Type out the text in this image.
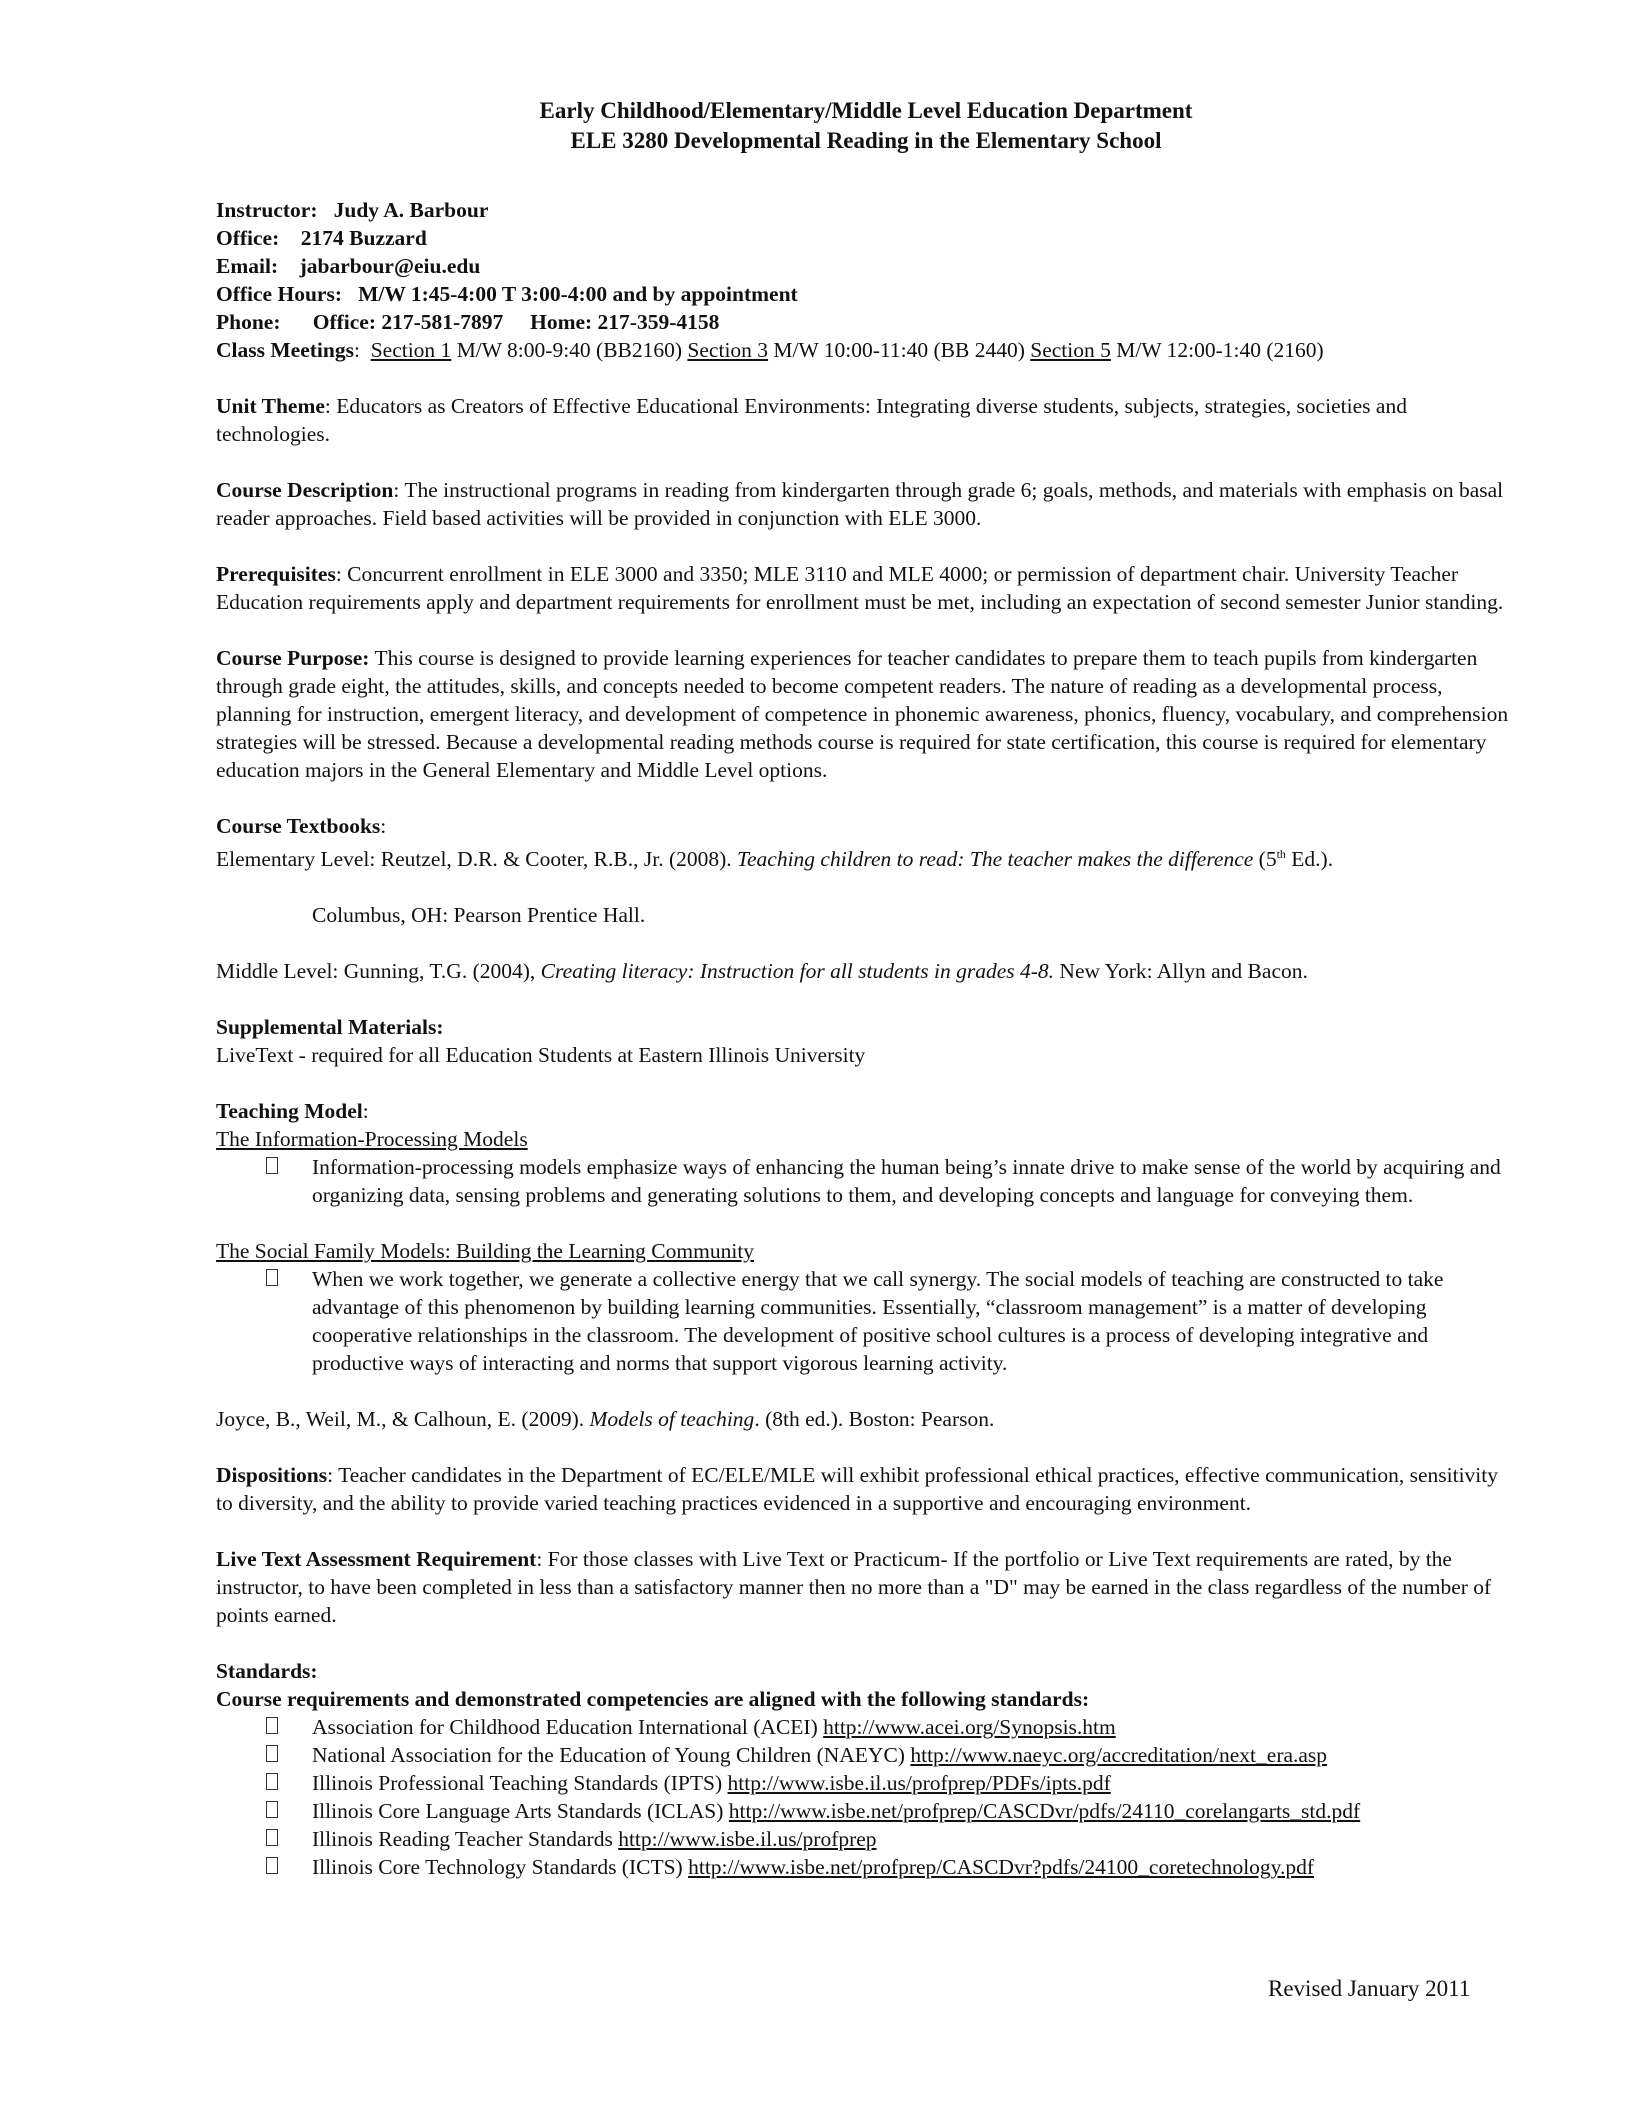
Early Childhood/Elementary/Middle Level Education Department
ELE 3280 Developmental Reading in the Elementary School
Instructor: Judy A. Barbour
Office: 2174 Buzzard
Email: jabarbour@eiu.edu
Office Hours: M/W 1:45-4:00 T 3:00-4:00 and by appointment
Phone: Office: 217-581-7897 Home: 217-359-4158
Class Meetings:  Section 1 M/W 8:00-9:40 (BB2160) Section 3 M/W 10:00-11:40 (BB 2440) Section 5 M/W 12:00-1:40 (2160)

Unit Theme: Educators as Creators of Effective Educational Environments: Integrating diverse students, subjects, strategies, societies and technologies.

Course Description: The instructional programs in reading from kindergarten through grade 6; goals, methods, and materials with emphasis on basal reader approaches. Field based activities will be provided in conjunction with ELE 3000.

Prerequisites: Concurrent enrollment in ELE 3000 and 3350; MLE 3110 and MLE 4000; or permission of department chair. University Teacher Education requirements apply and department requirements for enrollment must be met, including an expectation of second semester Junior standing.

Course Purpose: This course is designed to provide learning experiences for teacher candidates to prepare them to teach pupils from kindergarten through grade eight, the attitudes, skills, and concepts needed to become competent readers. The nature of reading as a developmental process, planning for instruction, emergent literacy, and development of competence in phonemic awareness, phonics, fluency, vocabulary, and comprehension strategies will be stressed. Because a developmental reading methods course is required for state certification, this course is required for elementary education majors in the General Elementary and Middle Level options.

Course Textbooks:
Elementary Level: Reutzel, D.R. & Cooter, R.B., Jr. (2008). Teaching children to read: The teacher makes the difference (5th Ed.).
Columbus, OH: Pearson Prentice Hall.
Middle Level: Gunning, T.G. (2004), Creating literacy: Instruction for all students in grades 4-8. New York: Allyn and Bacon.
Supplemental Materials:
LiveText - required for all Education Students at Eastern Illinois University
Teaching Model:
The Information-Processing Models
Information-processing models emphasize ways of enhancing the human being’s innate drive to make sense of the world by acquiring and organizing data, sensing problems and generating solutions to them, and developing concepts and language for conveying them.
The Social Family Models: Building the Learning Community
When we work together, we generate a collective energy that we call synergy. The social models of teaching are constructed to take advantage of this phenomenon by building learning communities. Essentially, “classroom management” is a matter of developing cooperative relationships in the classroom. The development of positive school cultures is a process of developing integrative and productive ways of interacting and norms that support vigorous learning activity.
Joyce, B., Weil, M., & Calhoun, E. (2009). Models of teaching. (8th ed.). Boston: Pearson.

Dispositions: Teacher candidates in the Department of EC/ELE/MLE will exhibit professional ethical practices, effective communication, sensitivity to diversity, and the ability to provide varied teaching practices evidenced in a supportive and encouraging environment.

Live Text Assessment Requirement: For those classes with Live Text or Practicum- If the portfolio or Live Text requirements are rated, by the instructor, to have been completed in less than a satisfactory manner then no more than a "D" may be earned in the class regardless of the number of points earned.

Standards:
Course requirements and demonstrated competencies are aligned with the following standards:
Association for Childhood Education International (ACEI) http://www.acei.org/Synopsis.htm
National Association for the Education of Young Children (NAEYC) http://www.naeyc.org/accreditation/next_era.asp
Illinois Professional Teaching Standards (IPTS) http://www.isbe.il.us/profprep/PDFs/ipts.pdf
Illinois Core Language Arts Standards (ICLAS) http://www.isbe.net/profprep/CASCDvr/pdfs/24110_corelangarts_std.pdf
Illinois Reading Teacher Standards http://www.isbe.il.us/profprep
Illinois Core Technology Standards (ICTS) http://www.isbe.net/profprep/CASCDvr?pdfs/24100_coretechnology.pdf
Revised January 2011
